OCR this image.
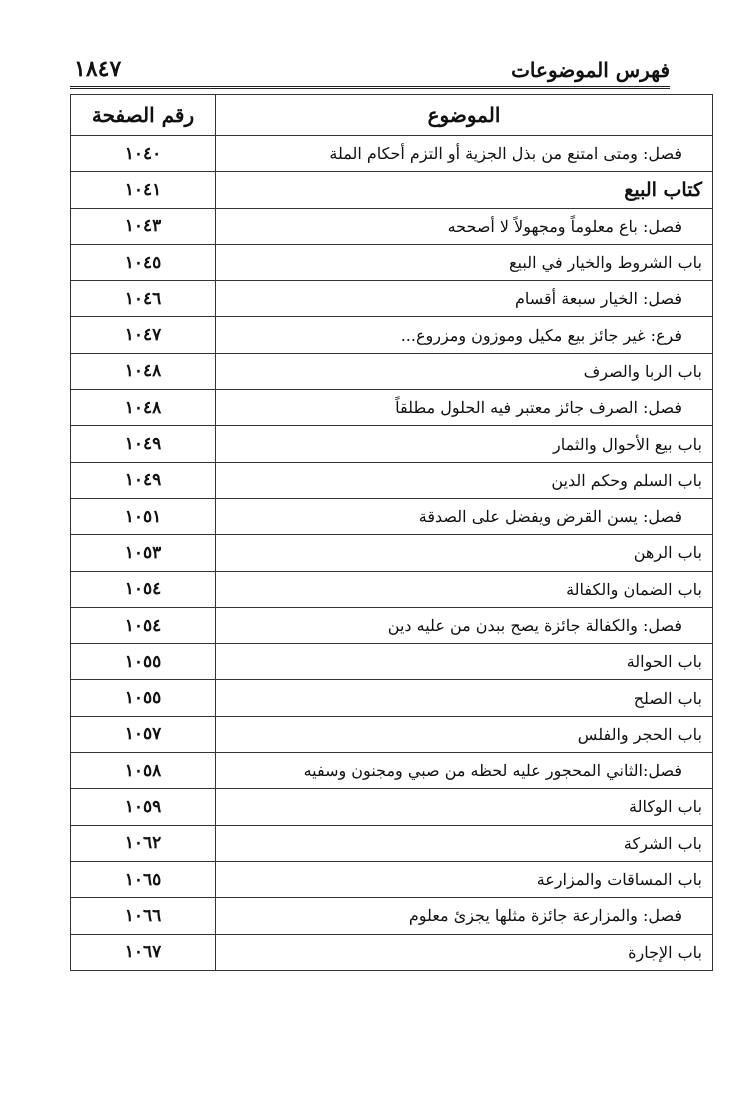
١٨٤٧	فهرس الموضوعات
الموضوع	رقم الصفحة
فصل: ومتى امتنع من بذل الجزية أو التزم أحكام الملة	١٠٤٠
كتاب البيع	١٠٤١
فصل: باع معلوماً ومجهولاً لا أصححه	١٠٤٣
باب الشروط والخيار في البيع	١٠٤٥
فصل: الخيار سبعة أقسام	١٠٤٦
فرع: غير جائز بيع مكيل وموزون ومزروع...	١٠٤٧
باب الربا والصرف	١٠٤٨
فصل: الصرف جائز معتبر فيه الحلول مطلقاً	١٠٤٨
باب بيع الأحوال والثمار	١٠٤٩
باب السلم وحكم الدين	١٠٤٩
فصل: يسن القرض ويفضل على الصدقة	١٠٥١
باب الرهن	١٠٥٣
باب الضمان والكفالة	١٠٥٤
فصل: والكفالة جائزة يصح ببدن من عليه دين	١٠٥٤
باب الحوالة	١٠٥٥
باب الصلح	١٠٥٥
باب الحجر والفلس	١٠٥٧
فصل:الثاني المحجور عليه لحظه من صبي ومجنون وسفيه	١٠٥٨
باب الوكالة	١٠٥٩
باب الشركة	١٠٦٢
باب المساقات والمزارعة	١٠٦٥
فصل: والمزارعة جائزة مثلها يجزئ معلوم	١٠٦٦
باب الإجارة	١٠٦٧
